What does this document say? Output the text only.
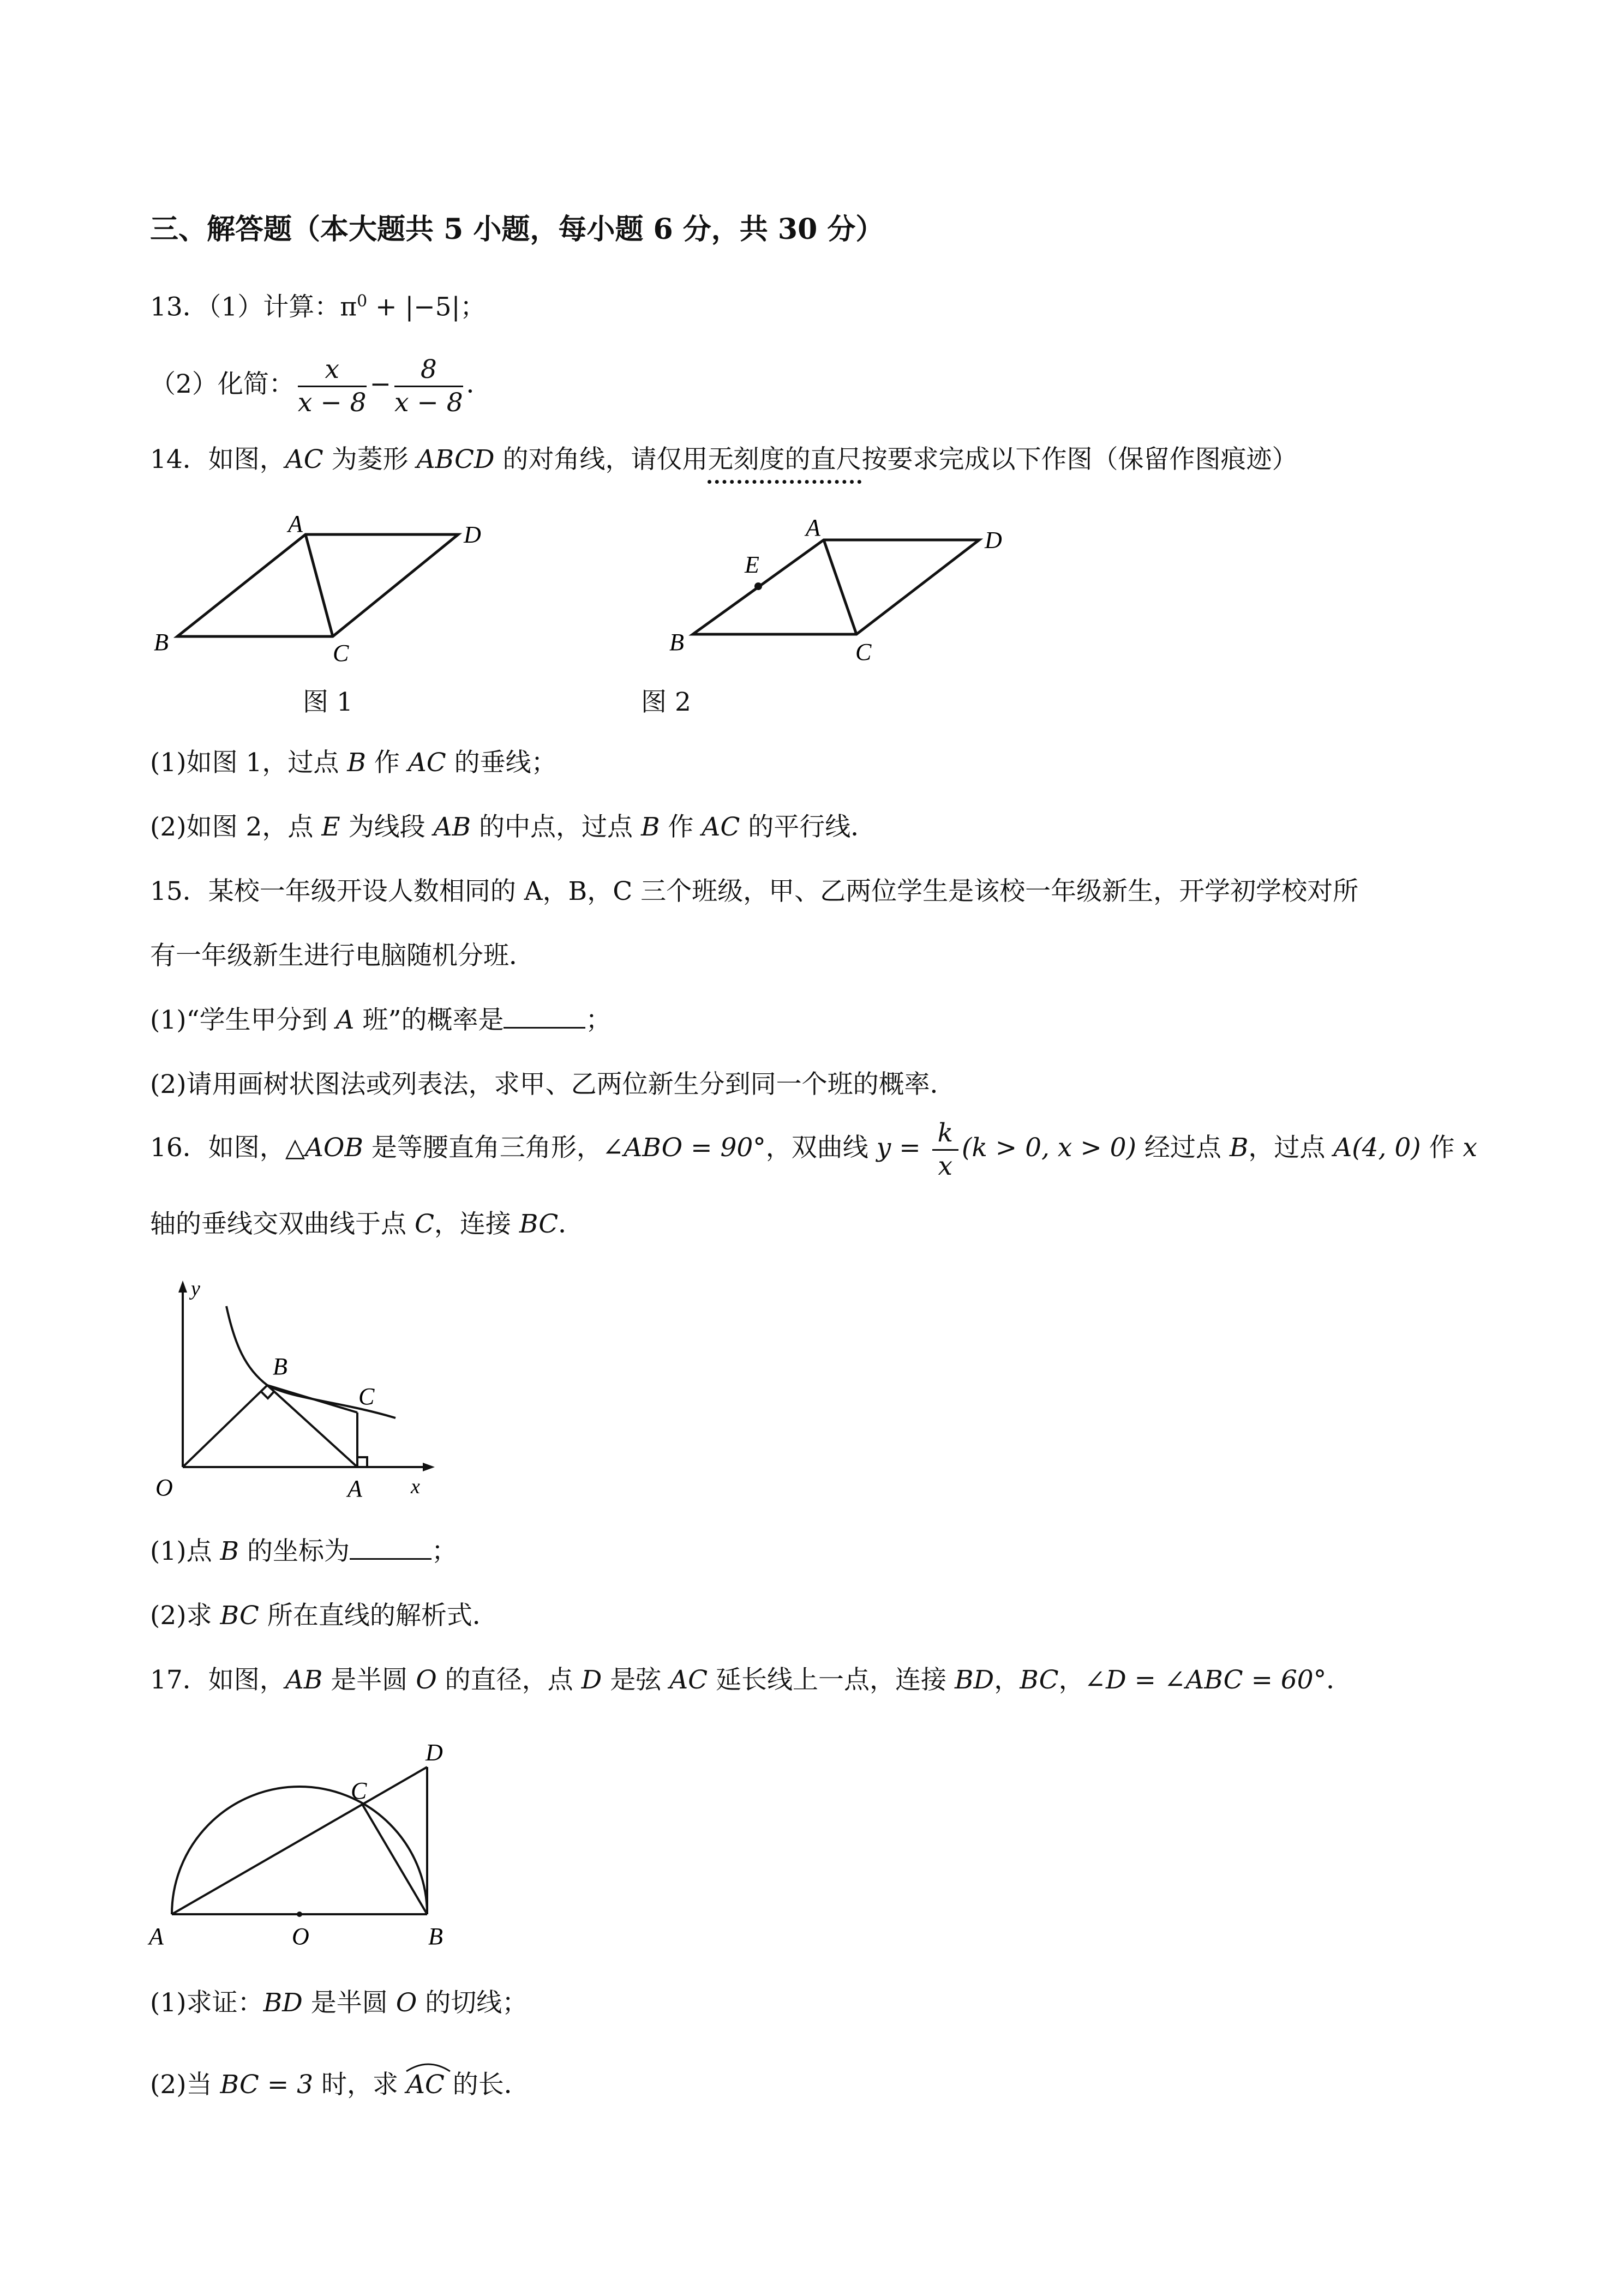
三、解答题（本大题共 5 小题，每小题 6 分，共 30 分）
13．（1）计算：$\pi^0 + |-5|$；
（2）化简： $\frac{x}{x - 8} - \frac{8}{x - 8}$ ．
14．如图，AC 为菱形 ABCD 的对角线，请仅用无刻度的直尺按要求完成以下作图（保留作图痕迹）
A	D
B	C
图 1
A	D
E
B	C
图 2
(1)如图 1，过点 B 作 AC 的垂线；
(2)如图 2，点 E 为线段 AB 的中点，过点 B 作 AC 的平行线．
15．某校一年级开设人数相同的 A，B，C 三个班级，甲、乙两位学生是该校一年级新生，开学初学校对所
有一年级新生进行电脑随机分班．
(1)“学生甲分到 A 班”的概率是	；
(2)请用画树状图法或列表法，求甲、乙两位新生分到同一个班的概率．
16．如图，△AOB 是等腰直角三角形，∠ABO = 90°，双曲线 $y = \frac{k}{x} (k > 0$, x > 0) 经过点 B，过点 A(4, 0) 作 x
轴的垂线交双曲线于点 C，连接 BC．
y
x
O	A
B
C
(1)点 B 的坐标为	；
(2)求 BC 所在直线的解析式．
17．如图，AB 是半圆 O 的直径，点 D 是弦 AC 延长线上一点，连接 BD，BC，∠D = ∠ABC = 60°．
A	O	B
C
D
(1)求证：BD 是半圆 O 的切线；
(2)当 BC = 3 时，求
AC 的长．
